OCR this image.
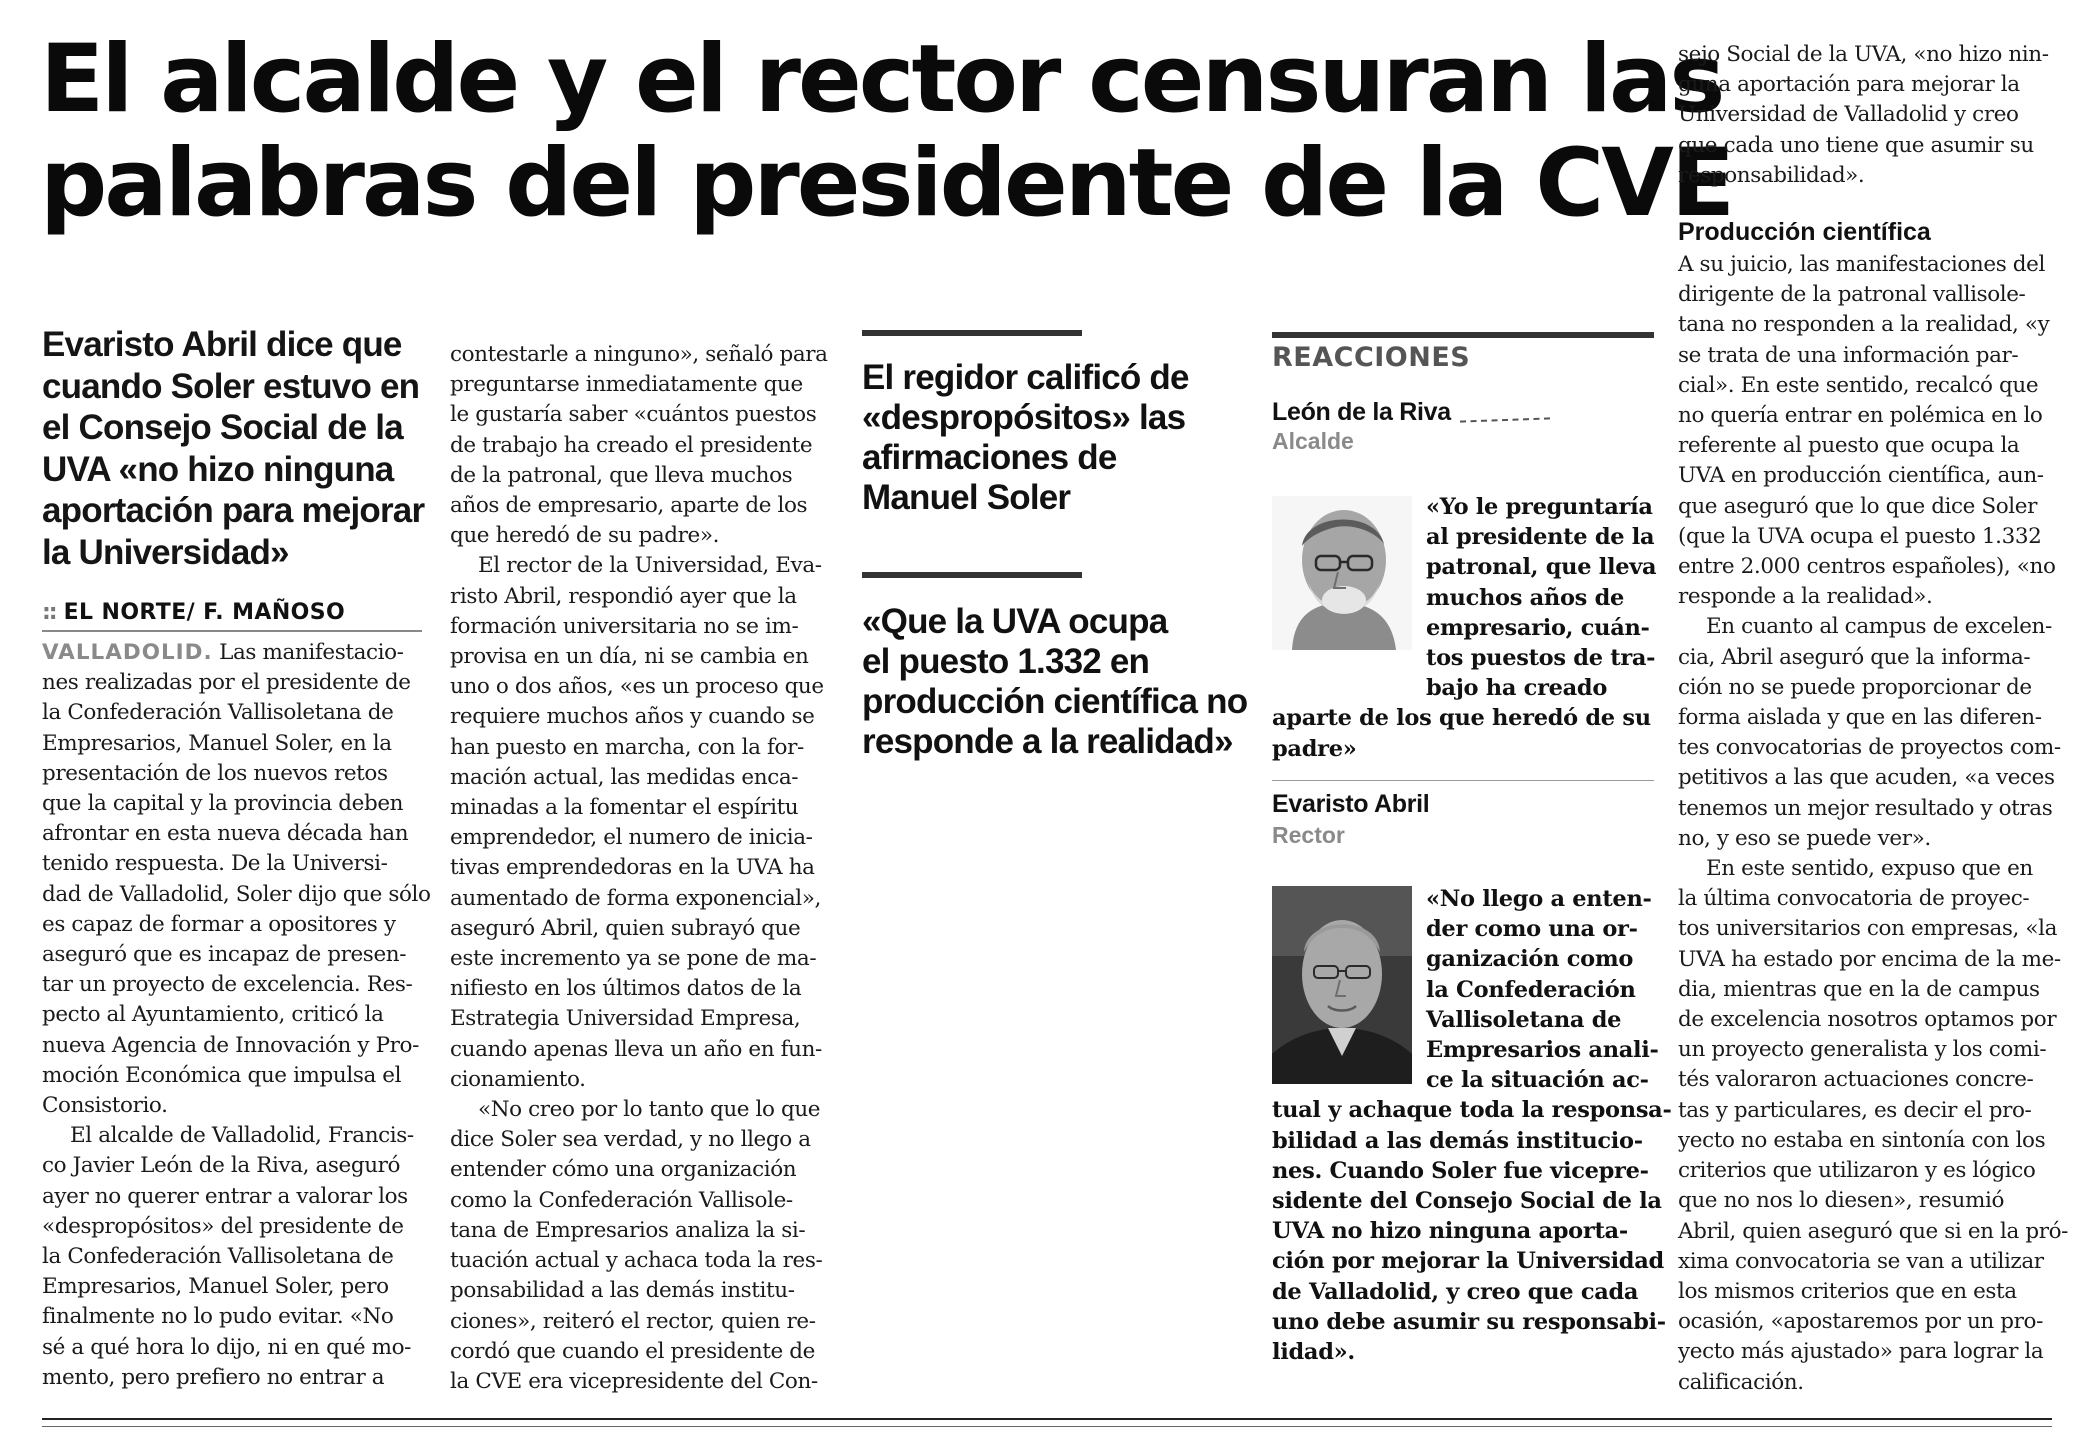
El alcalde y el rector censuran las
palabras del presidente de la CVE
Evaristo Abril dice que
cuando Soler estuvo en
el Consejo Social de la
UVA «no hizo ninguna
aportación para mejorar
la Universidad»
:: EL NORTE/ F. MAÑOSO
VALLADOLID. Las manifestacio-
nes realizadas por el presidente de
la Confederación Vallisoletana de
Empresarios, Manuel Soler, en la
presentación de los nuevos retos
que la capital y la provincia deben
afrontar en esta nueva década han
tenido respuesta. De la Universi-
dad de Valladolid, Soler dijo que sólo
es capaz de formar a opositores y
aseguró que es incapaz de presen-
tar un proyecto de excelencia. Res-
pecto al Ayuntamiento, criticó la
nueva Agencia de Innovación y Pro-
moción Económica que impulsa el
Consistorio.
El alcalde de Valladolid, Francis-
co Javier León de la Riva, aseguró
ayer no querer entrar a valorar los
«despropósitos» del presidente de
la Confederación Vallisoletana de
Empresarios, Manuel Soler, pero
finalmente no lo pudo evitar. «No
sé a qué hora lo dijo, ni en qué mo-
mento, pero prefiero no entrar a
contestarle a ninguno», señaló para
preguntarse inmediatamente que
le gustaría saber «cuántos puestos
de trabajo ha creado el presidente
de la patronal, que lleva muchos
años de empresario, aparte de los
que heredó de su padre».
El rector de la Universidad, Eva-
risto Abril, respondió ayer que la
formación universitaria no se im-
provisa en un día, ni se cambia en
uno o dos años, «es un proceso que
requiere muchos años y cuando se
han puesto en marcha, con la for-
mación actual, las medidas enca-
minadas a la fomentar el espíritu
emprendedor, el numero de inicia-
tivas emprendedoras en la UVA ha
aumentado de forma exponencial»,
aseguró Abril, quien subrayó que
este incremento ya se pone de ma-
nifiesto en los últimos datos de la
Estrategia Universidad Empresa,
cuando apenas lleva un año en fun-
cionamiento.
«No creo por lo tanto que lo que
dice Soler sea verdad, y no llego a
entender cómo una organización
como la Confederación Vallisole-
tana de Empresarios analiza la si-
tuación actual y achaca toda la res-
ponsabilidad a las demás institu-
ciones», reiteró el rector, quien re-
cordó que cuando el presidente de
la CVE era vicepresidente del Con-
El regidor calificó de
«despropósitos» las
afirmaciones de
Manuel Soler
«Que la UVA ocupa
el puesto 1.332 en
producción científica no
responde a la realidad»
REACCIONES
León de la Riva
Alcalde
«Yo le preguntaría
al presidente de la
patronal, que lleva
muchos años de
empresario, cuán-
tos puestos de tra-
bajo ha creado
aparte de los que heredó de su
padre»
Evaristo Abril
Rector
«No llego a enten-
der como una or-
ganización como
la Confederación
Vallisoletana de
Empresarios anali-
ce la situación ac-
tual y achaque toda la responsa-
bilidad a las demás institucio-
nes. Cuando Soler fue vicepre-
sidente del Consejo Social de la
UVA no hizo ninguna aporta-
ción por mejorar la Universidad
de Valladolid, y creo que cada
uno debe asumir su responsabi-
lidad».
sejo Social de la UVA, «no hizo nin-
guna aportación para mejorar la
Universidad de Valladolid y creo
que cada uno tiene que asumir su
responsabilidad».
Producción científica
A su juicio, las manifestaciones del
dirigente de la patronal vallisole-
tana no responden a la realidad, «y
se trata de una información par-
cial». En este sentido, recalcó que
no quería entrar en polémica en lo
referente al puesto que ocupa la
UVA en producción científica, aun-
que aseguró que lo que dice Soler
(que la UVA ocupa el puesto 1.332
entre 2.000 centros españoles), «no
responde a la realidad».
En cuanto al campus de excelen-
cia, Abril aseguró que la informa-
ción no se puede proporcionar de
forma aislada y que en las diferen-
tes convocatorias de proyectos com-
petitivos a las que acuden, «a veces
tenemos un mejor resultado y otras
no, y eso se puede ver».
En este sentido, expuso que en
la última convocatoria de proyec-
tos universitarios con empresas, «la
UVA ha estado por encima de la me-
dia, mientras que en la de campus
de excelencia nosotros optamos por
un proyecto generalista y los comi-
tés valoraron actuaciones concre-
tas y particulares, es decir el pro-
yecto no estaba en sintonía con los
criterios que utilizaron y es lógico
que no nos lo diesen», resumió
Abril, quien aseguró que si en la pró-
xima convocatoria se van a utilizar
los mismos criterios que en esta
ocasión, «apostaremos por un pro-
yecto más ajustado» para lograr la
calificación.
